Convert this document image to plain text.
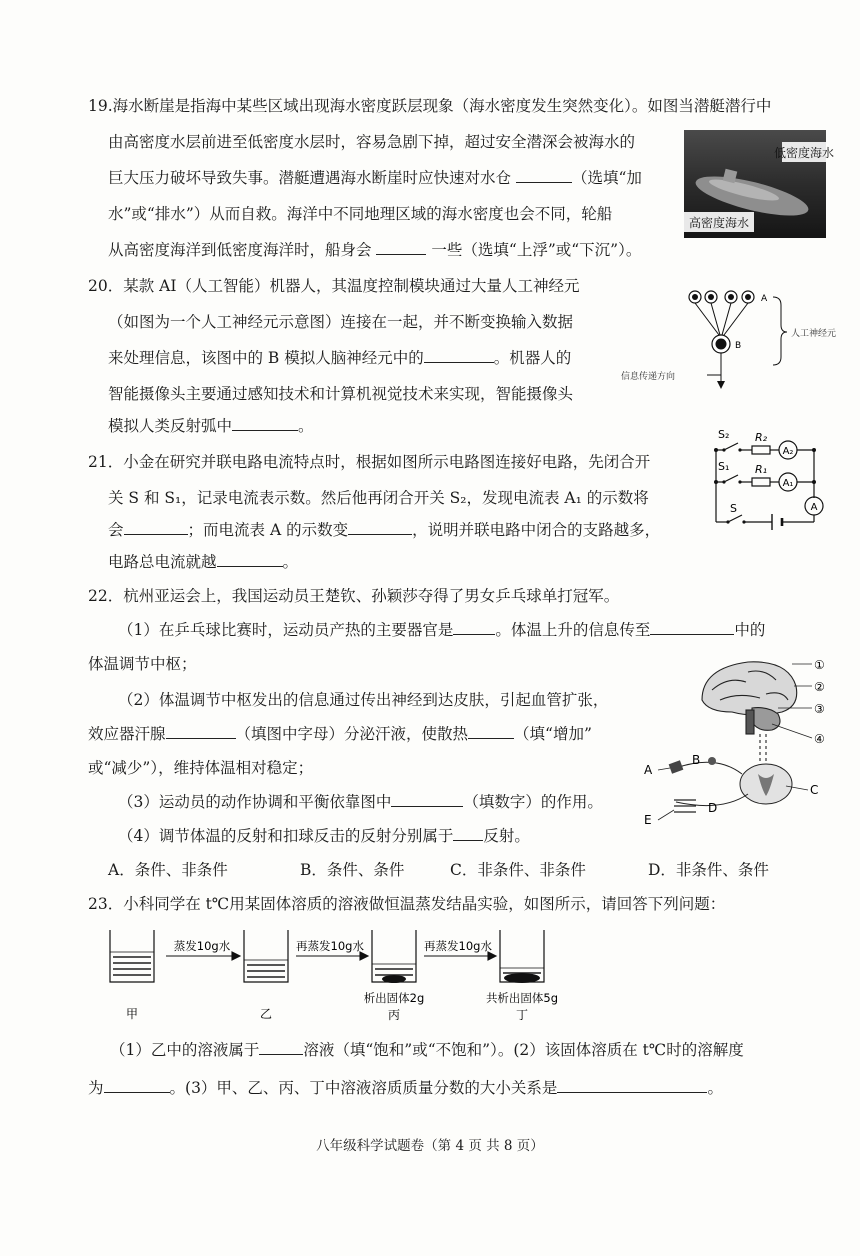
19.海水断崖是指海中某些区域出现海水密度跃层现象（海水密度发生突然变化）。如图当潜艇潜行中
由高密度水层前进至低密度水层时，容易急剧下掉，超过安全潜深会被海水的
巨大压力破坏导致失事。潜艇遭遇海水断崖时应快速对水仓	（选填“加
水”或“排水”）从而自救。海洋中不同地理区域的海水密度也会不同，轮船
从高密度海洋到低密度海洋时，船身会	一些（选填“上浮”或“下沉”）。
低密度海水
高密度海水
20．某款 AI（人工智能）机器人，其温度控制模块通过大量人工神经元
（如图为一个人工神经元示意图）连接在一起，并不断变换输入数据
来处理信息，该图中的 B 模拟人脑神经元中的	。机器人的
智能摄像头主要通过感知技术和计算机视觉技术来实现，智能摄像头
模拟人类反射弧中	。
A
B
人工神经元
信息传递方向
21．小金在研究并联电路电流特点时，根据如图所示电路图连接好电路，先闭合开
关 S 和 S₁，记录电流表示数。然后他再闭合开关 S₂，发现电流表 A₁ 的示数将
会	；而电流表 A 的示数变	，说明并联电路中闭合的支路越多，
电路总电流就越	。
S₂ R₂
A₂
S₁ R₁
A₁
A
S
22．杭州亚运会上，我国运动员王楚钦、孙颖莎夺得了男女乒乓球单打冠军。
（1）在乒乓球比赛时，运动员产热的主要器官是	。体温上升的信息传至	中的
体温调节中枢；
（2）体温调节中枢发出的信息通过传出神经到达皮肤，引起血管扩张，
效应器汗腺	（填图中字母）分泌汗液，使散热	（填“增加”
或“减少”），维持体温相对稳定；
（3）运动员的动作协调和平衡依靠图中	（填数字）的作用。
（4）调节体温的反射和扣球反击的反射分别属于 反射。
A．条件、非条件	B．条件、条件	C．非条件、非条件	D．非条件、条件
①
②
③
④
A
B
C
D
E
23．小科同学在 t℃用某固体溶质的溶液做恒温蒸发结晶实验，如图所示，请回答下列问题：
蒸发10g水	再蒸发10g水	再蒸发10g水
析出固体2g	共析出固体5g
甲	乙	丙	丁
（1）乙中的溶液属于	溶液（填“饱和”或“不饱和”）。(2）该固体溶质在 t℃时的溶解度
为	。(3）甲、乙、丙、丁中溶液溶质质量分数的大小关系是	。
八年级科学试题卷（第 4 页 共 8 页）
